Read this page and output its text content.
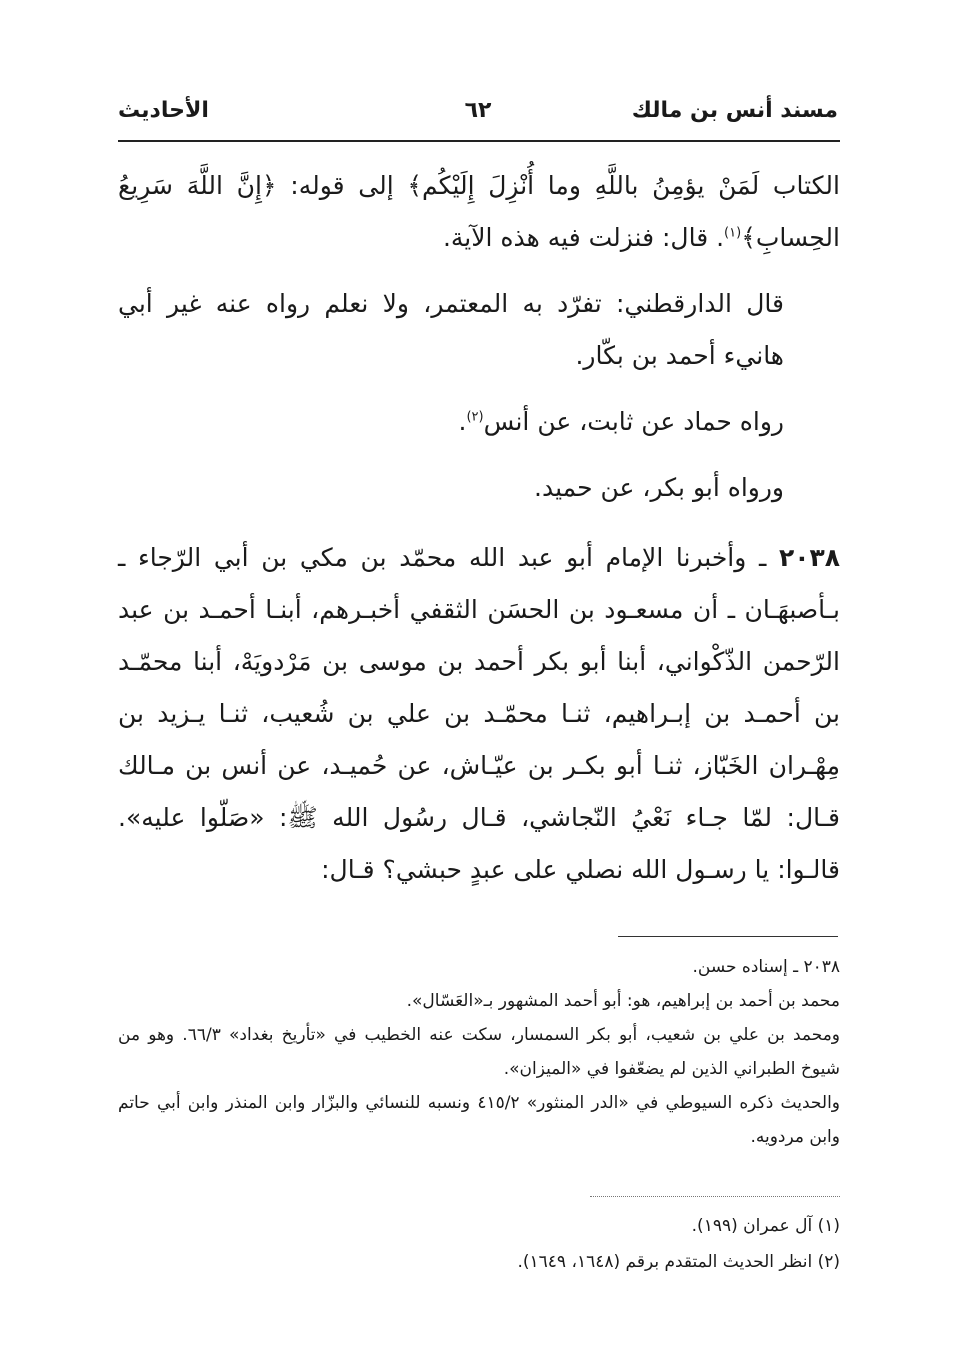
مسند أنس بن مالك
٦٢
الأحاديث

الكتاب لَمَنْ يؤمِنُ باللَّهِ وما أُنْزِلَ إِلَيْكُم﴾ إلى قوله: ﴿إِنَّ اللَّهَ سَرِيعُ الحِسابِ﴾$^{(١)}$. قال: فنزلت فيه هذه الآية.

قال الدارقطني: تفرّد به المعتمر، ولا نعلم رواه عنه غير أبي هانيء أحمد بن بكّار.

رواه حماد عن ثابت، عن أنس$^{(٢)}$.

ورواه أبو بكر، عن حميد.

٢٠٣٨ ـ وأخبرنا الإمام أبو عبد الله محمّد بن مكي بن أبي الرّجاء ـ بـأصبهَـان ـ أن مسعـود بن الحسَن الثقفي أخبـرهم، أبنـا أحمـد بن عبد الرّحمن الذّكْواني، أبنا أبو بكر أحمد بن موسى بن مَرْدويَهْ، أبنا محمّـد بن أحمـد بن إبـراهيم، ثنـا محمّـد بن علي بن شُعيب، ثنـا يـزيد بن مِهْـران الخَبّاز، ثنـا أبو بكـر بن عيّـاش، عن حُميـد، عن أنس بن مـالك قـال: لمّا جـاء نَعْيُ النّجاشي، قـال رسُول الله ﷺ: «صَلّوا عليه». قالـوا: يا رسـول الله نصلي على عبدٍ حبشي؟ قـال:

٢٠٣٨ ـ إسناده حسن.

محمد بن أحمد بن إبراهيم، هو: أبو أحمد المشهور بـ«العَسّال».

ومحمد بن علي بن شعيب، أبو بكر السمسار، سكت عنه الخطيب في «تأريخ بغداد» ٦٦/٣. وهو من شيوخ الطبراني الذين لم يضعّفوا في «الميزان».

والحديث ذكره السيوطي في «الدر المنثور» ٤١٥/٢ ونسبه للنسائي والبزّار وابن المنذر وابن أبي حاتم وابن مردويه.

(١) آل عمران (١٩٩).

(٢) انظر الحديث المتقدم برقم (١٦٤٨، ١٦٤٩).
